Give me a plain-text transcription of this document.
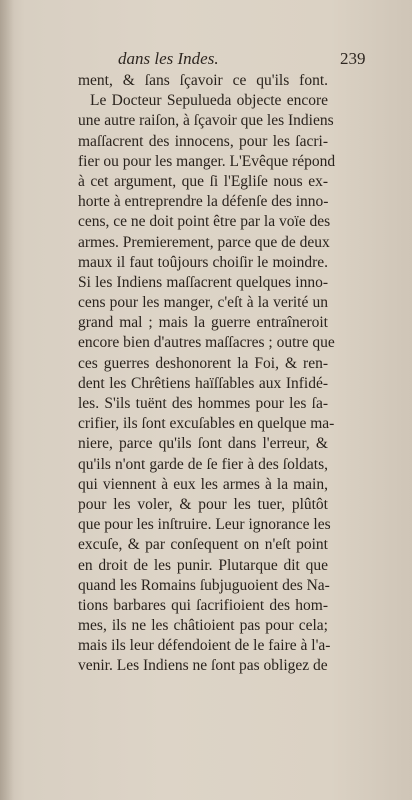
dans les Indes.	239
ment, & ſans ſçavoir ce qu'ils font.
Le Docteur Sepulueda objecte encore
une autre raiſon, à ſçavoir que les Indiens
maſſacrent des innocens, pour les ſacri-
fier ou pour les manger. L'Evêque répond
à cet argument, que ſi l'Egliſe nous ex-
horte à entreprendre la défenſe des inno-
cens, ce ne doit point être par la voïe des
armes. Premierement, parce que de deux
maux il faut toûjours choiſir le moindre.
Si les Indiens maſſacrent quelques inno-
cens pour les manger, c'eſt à la verité un
grand mal ; mais la guerre entraîneroit
encore bien d'autres maſſacres ; outre que
ces guerres deshonorent la Foi, & ren-
dent les Chrêtiens haïſſables aux Infidé-
les. S'ils tuënt des hommes pour les ſa-
crifier, ils ſont excuſables en quelque ma-
niere, parce qu'ils ſont dans l'erreur, &
qu'ils n'ont garde de ſe fier à des ſoldats,
qui viennent à eux les armes à la main,
pour les voler, & pour les tuer, plûtôt
que pour les inſtruire. Leur ignorance les
excuſe, & par conſequent on n'eſt point
en droit de les punir. Plutarque dit que
quand les Romains ſubjuguoient des Na-
tions barbares qui ſacrifioient des hom-
mes, ils ne les châtioient pas pour cela;
mais ils leur défendoient de le faire à l'a-
venir. Les Indiens ne ſont pas obligez de
